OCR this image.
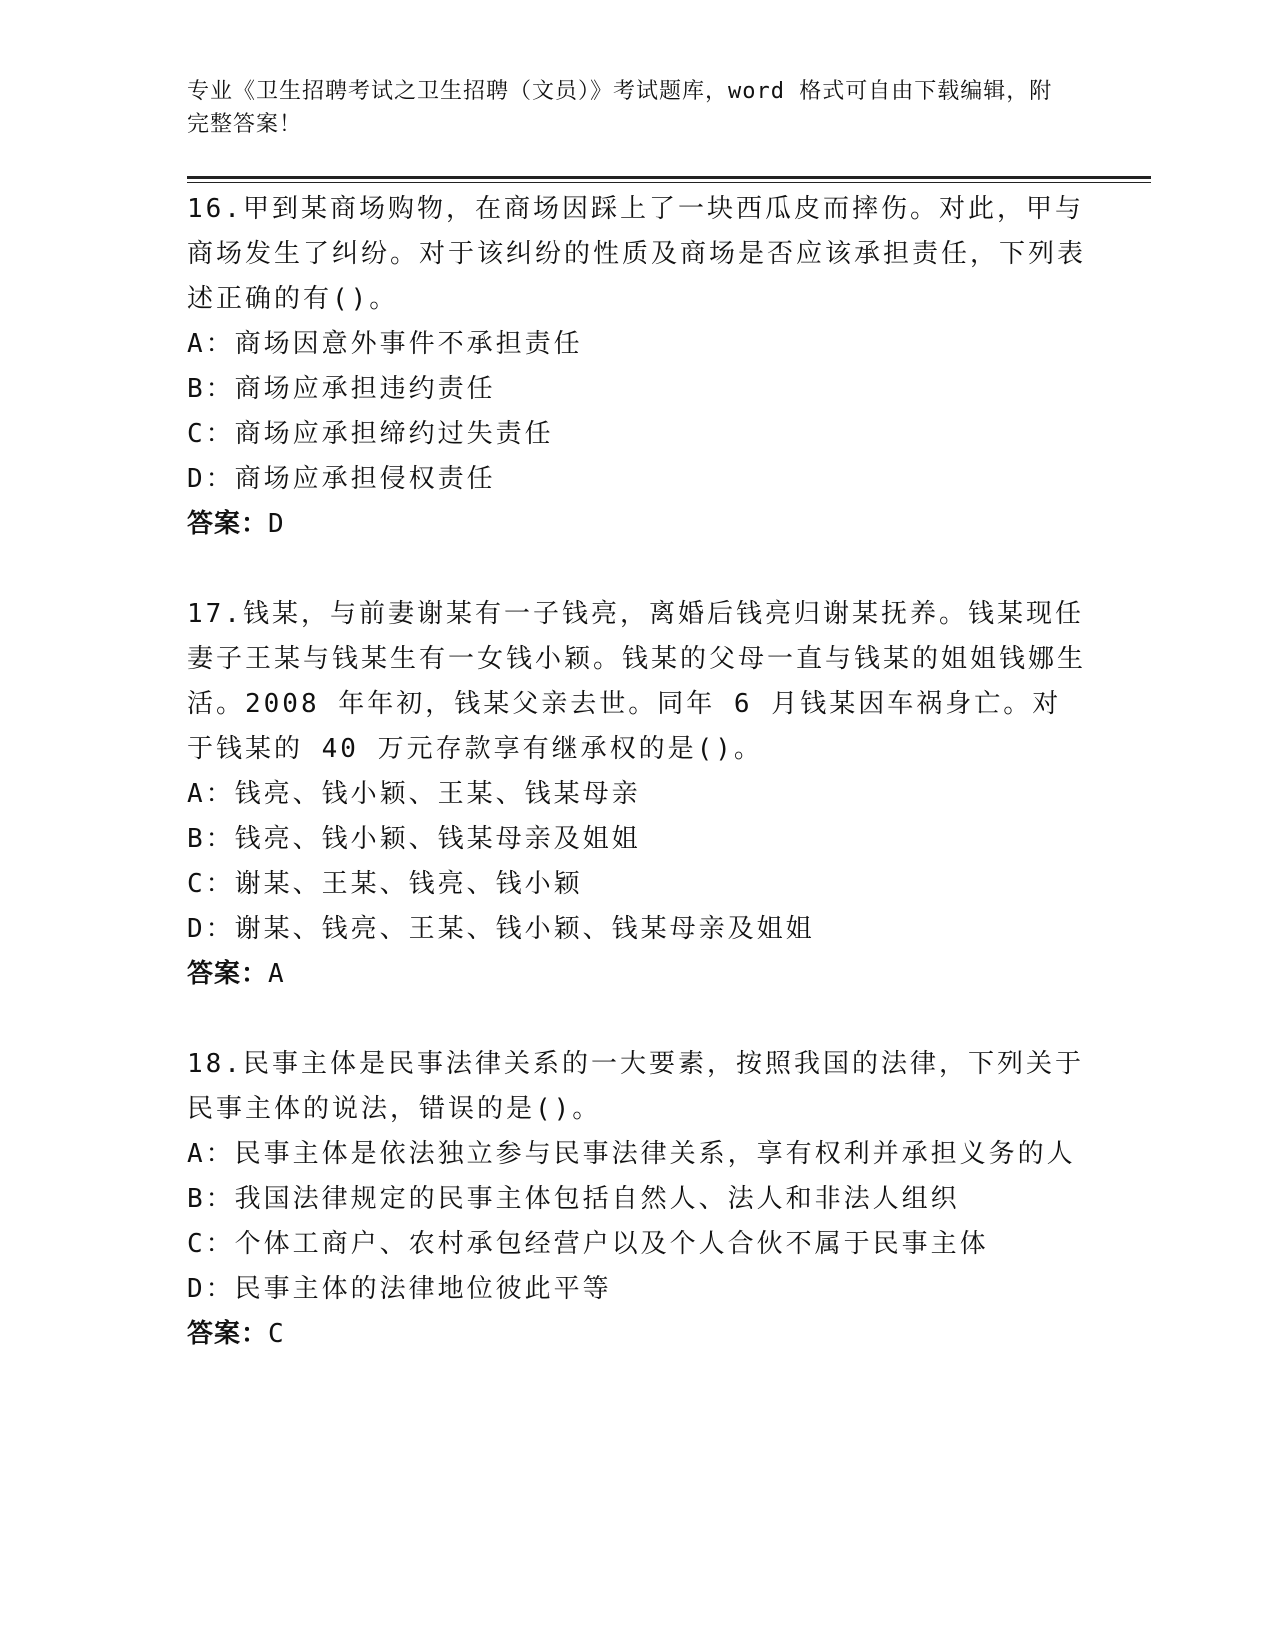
专业《卫生招聘考试之卫生招聘（文员）》考试题库，word 格式可自由下载编辑，附完整答案！

16.甲到某商场购物，在商场因踩上了一块西瓜皮而摔伤。对此，甲与商场发生了纠纷。对于该纠纷的性质及商场是否应该承担责任，下列表述正确的有()。

A：商场因意外事件不承担责任

B：商场应承担违约责任

C：商场应承担缔约过失责任

D：商场应承担侵权责任

答案：D

17.钱某，与前妻谢某有一子钱亮，离婚后钱亮归谢某抚养。钱某现任妻子王某与钱某生有一女钱小颖。钱某的父母一直与钱某的姐姐钱娜生活。2008 年年初，钱某父亲去世。同年 6 月钱某因车祸身亡。对于钱某的 40 万元存款享有继承权的是()。

A：钱亮、钱小颖、王某、钱某母亲

B：钱亮、钱小颖、钱某母亲及姐姐

C：谢某、王某、钱亮、钱小颖

D：谢某、钱亮、王某、钱小颖、钱某母亲及姐姐

答案：A

18.民事主体是民事法律关系的一大要素，按照我国的法律，下列关于民事主体的说法，错误的是()。

A：民事主体是依法独立参与民事法律关系，享有权利并承担义务的人

B：我国法律规定的民事主体包括自然人、法人和非法人组织

C：个体工商户、农村承包经营户以及个人合伙不属于民事主体

D：民事主体的法律地位彼此平等

答案：C
